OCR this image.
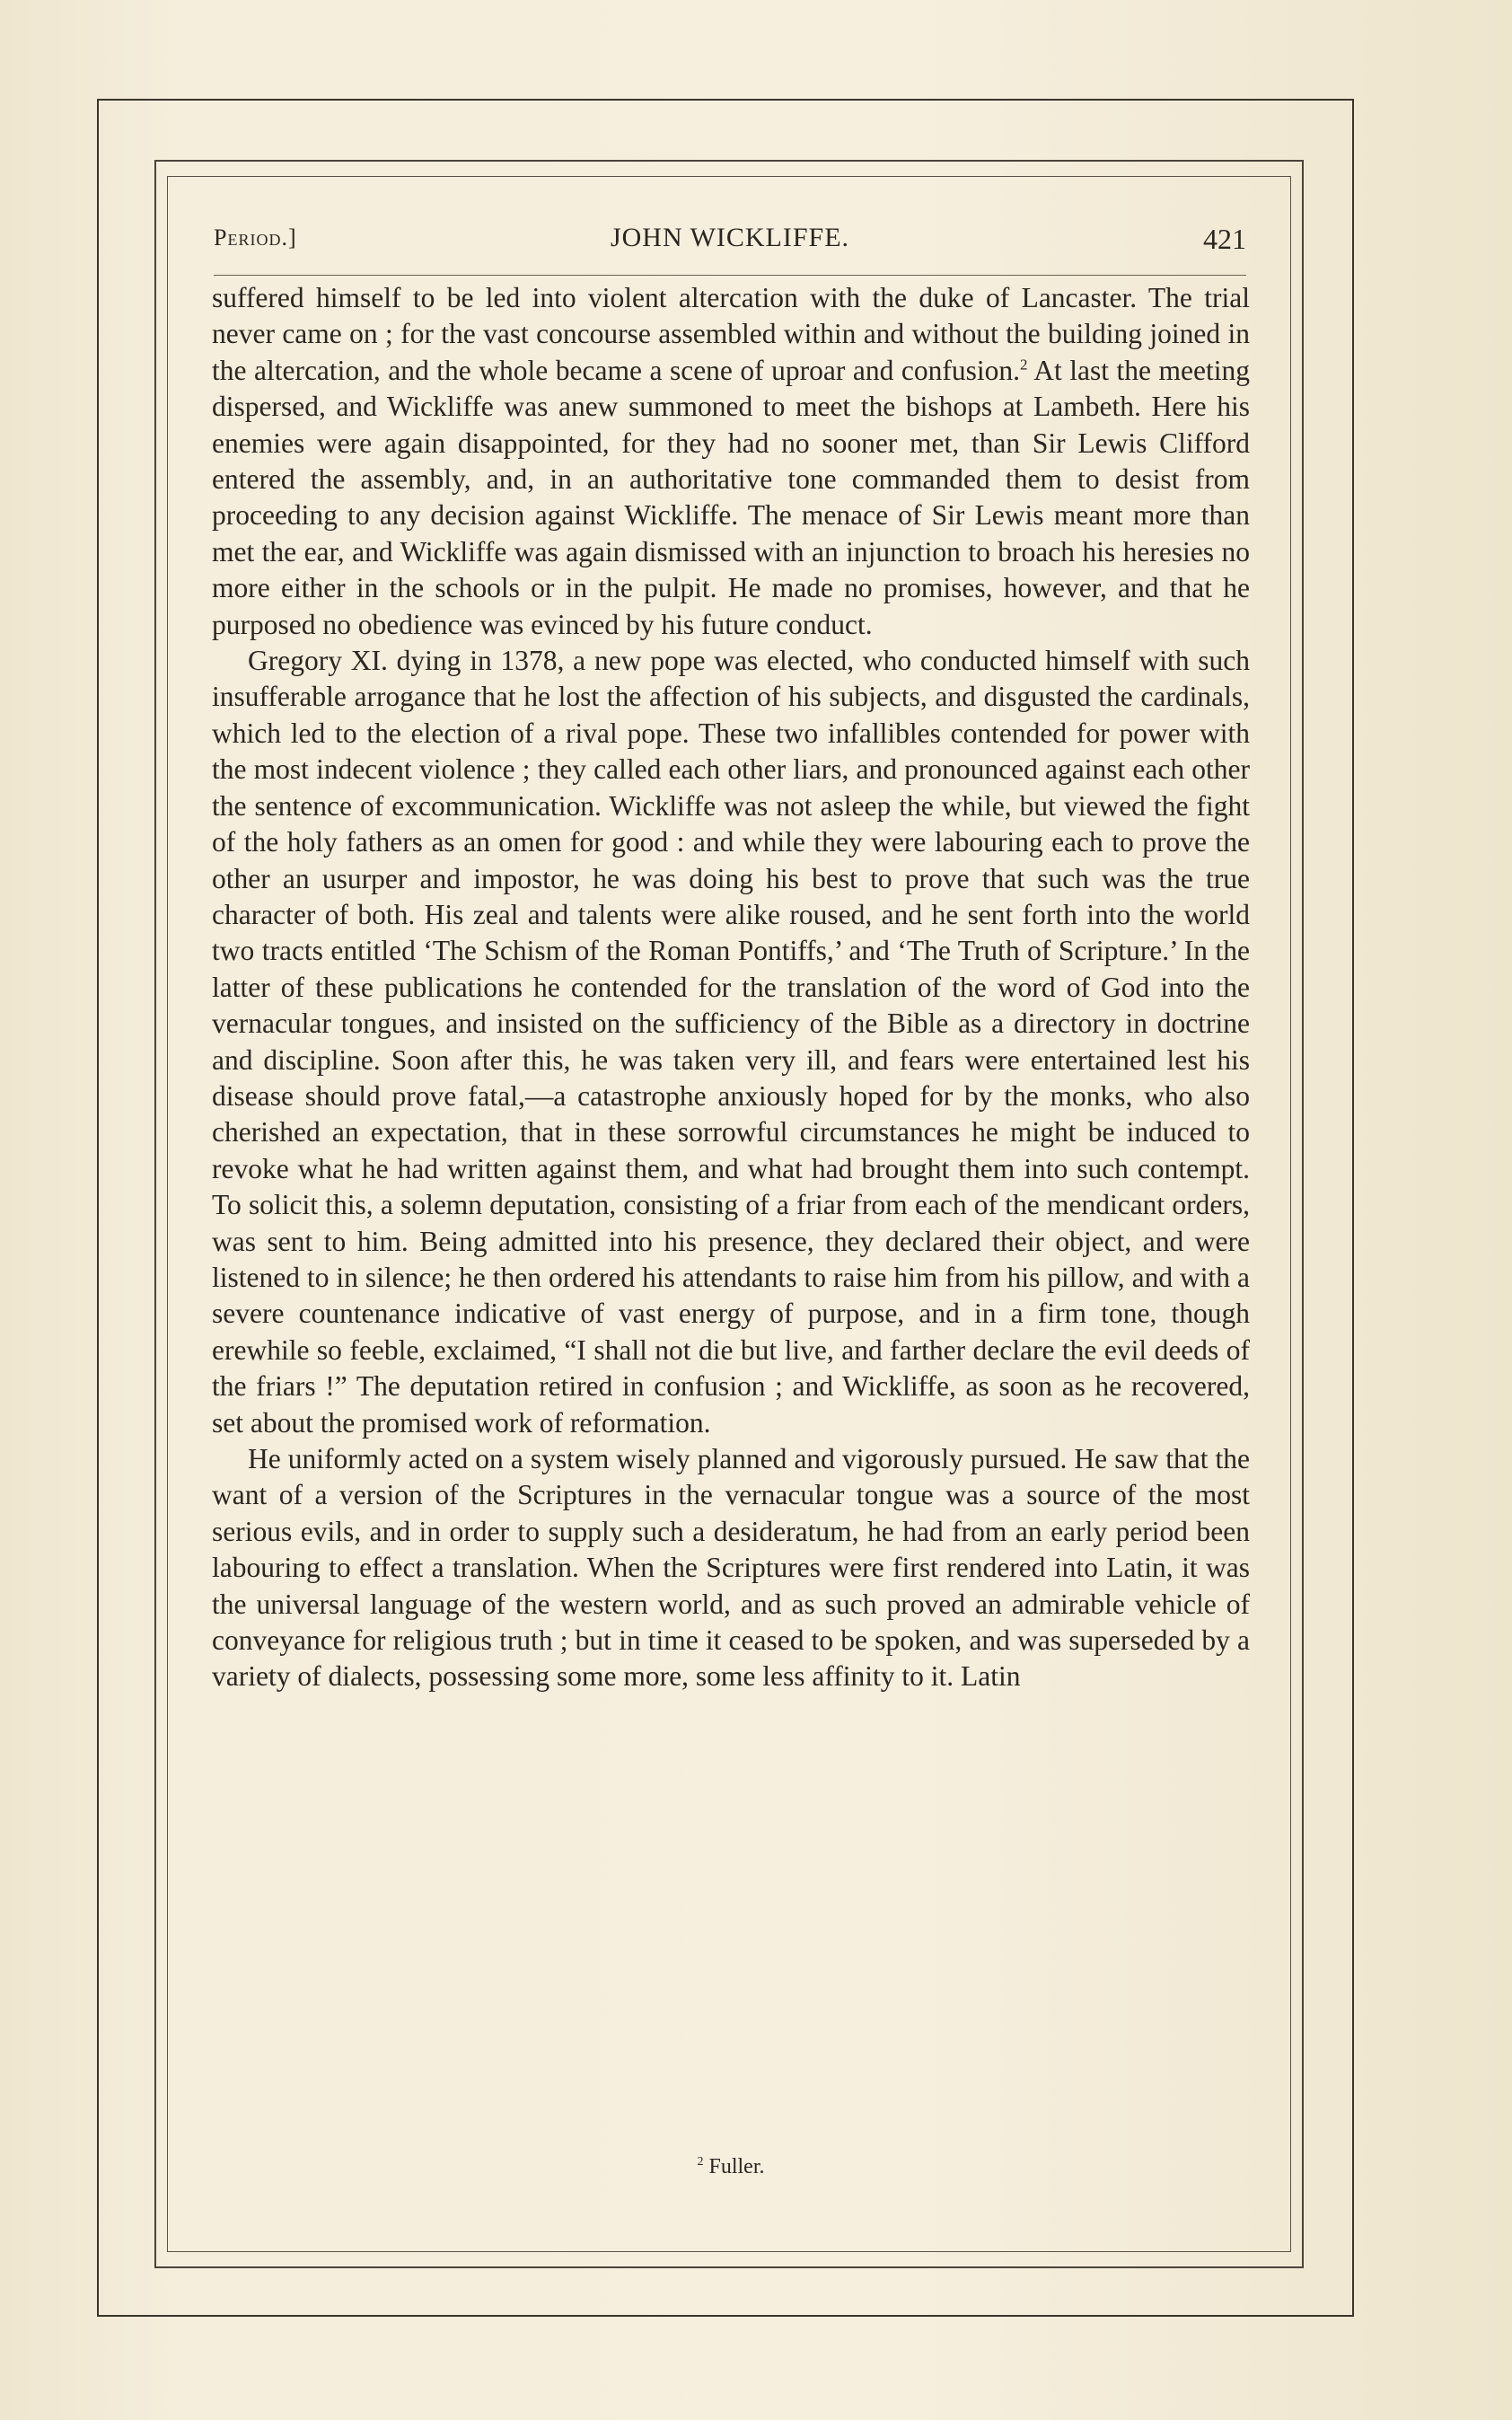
Period.]	JOHN WICKLIFFE.	421

suffered himself to be led into violent altercation with the duke of Lancaster. The trial never came on ; for the vast concourse assembled within and without the building joined in the altercation, and the whole became a scene of uproar and confusion.$^2$ At last the meeting dispersed, and Wickliffe was anew summoned to meet the bishops at Lambeth. Here his enemies were again disappointed, for they had no sooner met, than Sir Lewis Clifford entered the assembly, and, in an authoritative tone commanded them to desist from proceeding to any decision against Wickliffe. The menace of Sir Lewis meant more than met the ear, and Wickliffe was again dismissed with an injunction to broach his heresies no more either in the schools or in the pulpit. He made no promises, however, and that he purposed no obedience was evinced by his future conduct.

Gregory XI. dying in 1378, a new pope was elected, who conducted himself with such insufferable arrogance that he lost the affection of his subjects, and disgusted the cardinals, which led to the election of a rival pope. These two infallibles contended for power with the most indecent violence ; they called each other liars, and pronounced against each other the sentence of excommunication. Wickliffe was not asleep the while, but viewed the fight of the holy fathers as an omen for good : and while they were labouring each to prove the other an usurper and impostor, he was doing his best to prove that such was the true character of both. His zeal and talents were alike roused, and he sent forth into the world two tracts entitled ‘The Schism of the Roman Pontiffs,’ and ‘The Truth of Scripture.’ In the latter of these publications he contended for the translation of the word of God into the vernacular tongues, and insisted on the sufficiency of the Bible as a directory in doctrine and discipline. Soon after this, he was taken very ill, and fears were entertained lest his disease should prove fatal,—a catastrophe anxiously hoped for by the monks, who also cherished an expectation, that in these sorrowful circumstances he might be induced to revoke what he had written against them, and what had brought them into such contempt. To solicit this, a solemn deputation, consisting of a friar from each of the mendicant orders, was sent to him. Being admitted into his presence, they declared their object, and were listened to in silence; he then ordered his attendants to raise him from his pillow, and with a severe countenance indicative of vast energy of purpose, and in a firm tone, though erewhile so feeble, exclaimed, “I shall not die but live, and farther declare the evil deeds of the friars !” The deputation retired in confusion ; and Wickliffe, as soon as he recovered, set about the promised work of reformation.

He uniformly acted on a system wisely planned and vigorously pursued. He saw that the want of a version of the Scriptures in the vernacular tongue was a source of the most serious evils, and in order to supply such a desideratum, he had from an early period been labouring to effect a translation. When the Scriptures were first rendered into Latin, it was the universal language of the western world, and as such proved an admirable vehicle of conveyance for religious truth ; but in time it ceased to be spoken, and was superseded by a variety of dialects, possessing some more, some less affinity to it. Latin

$^2$ Fuller.
